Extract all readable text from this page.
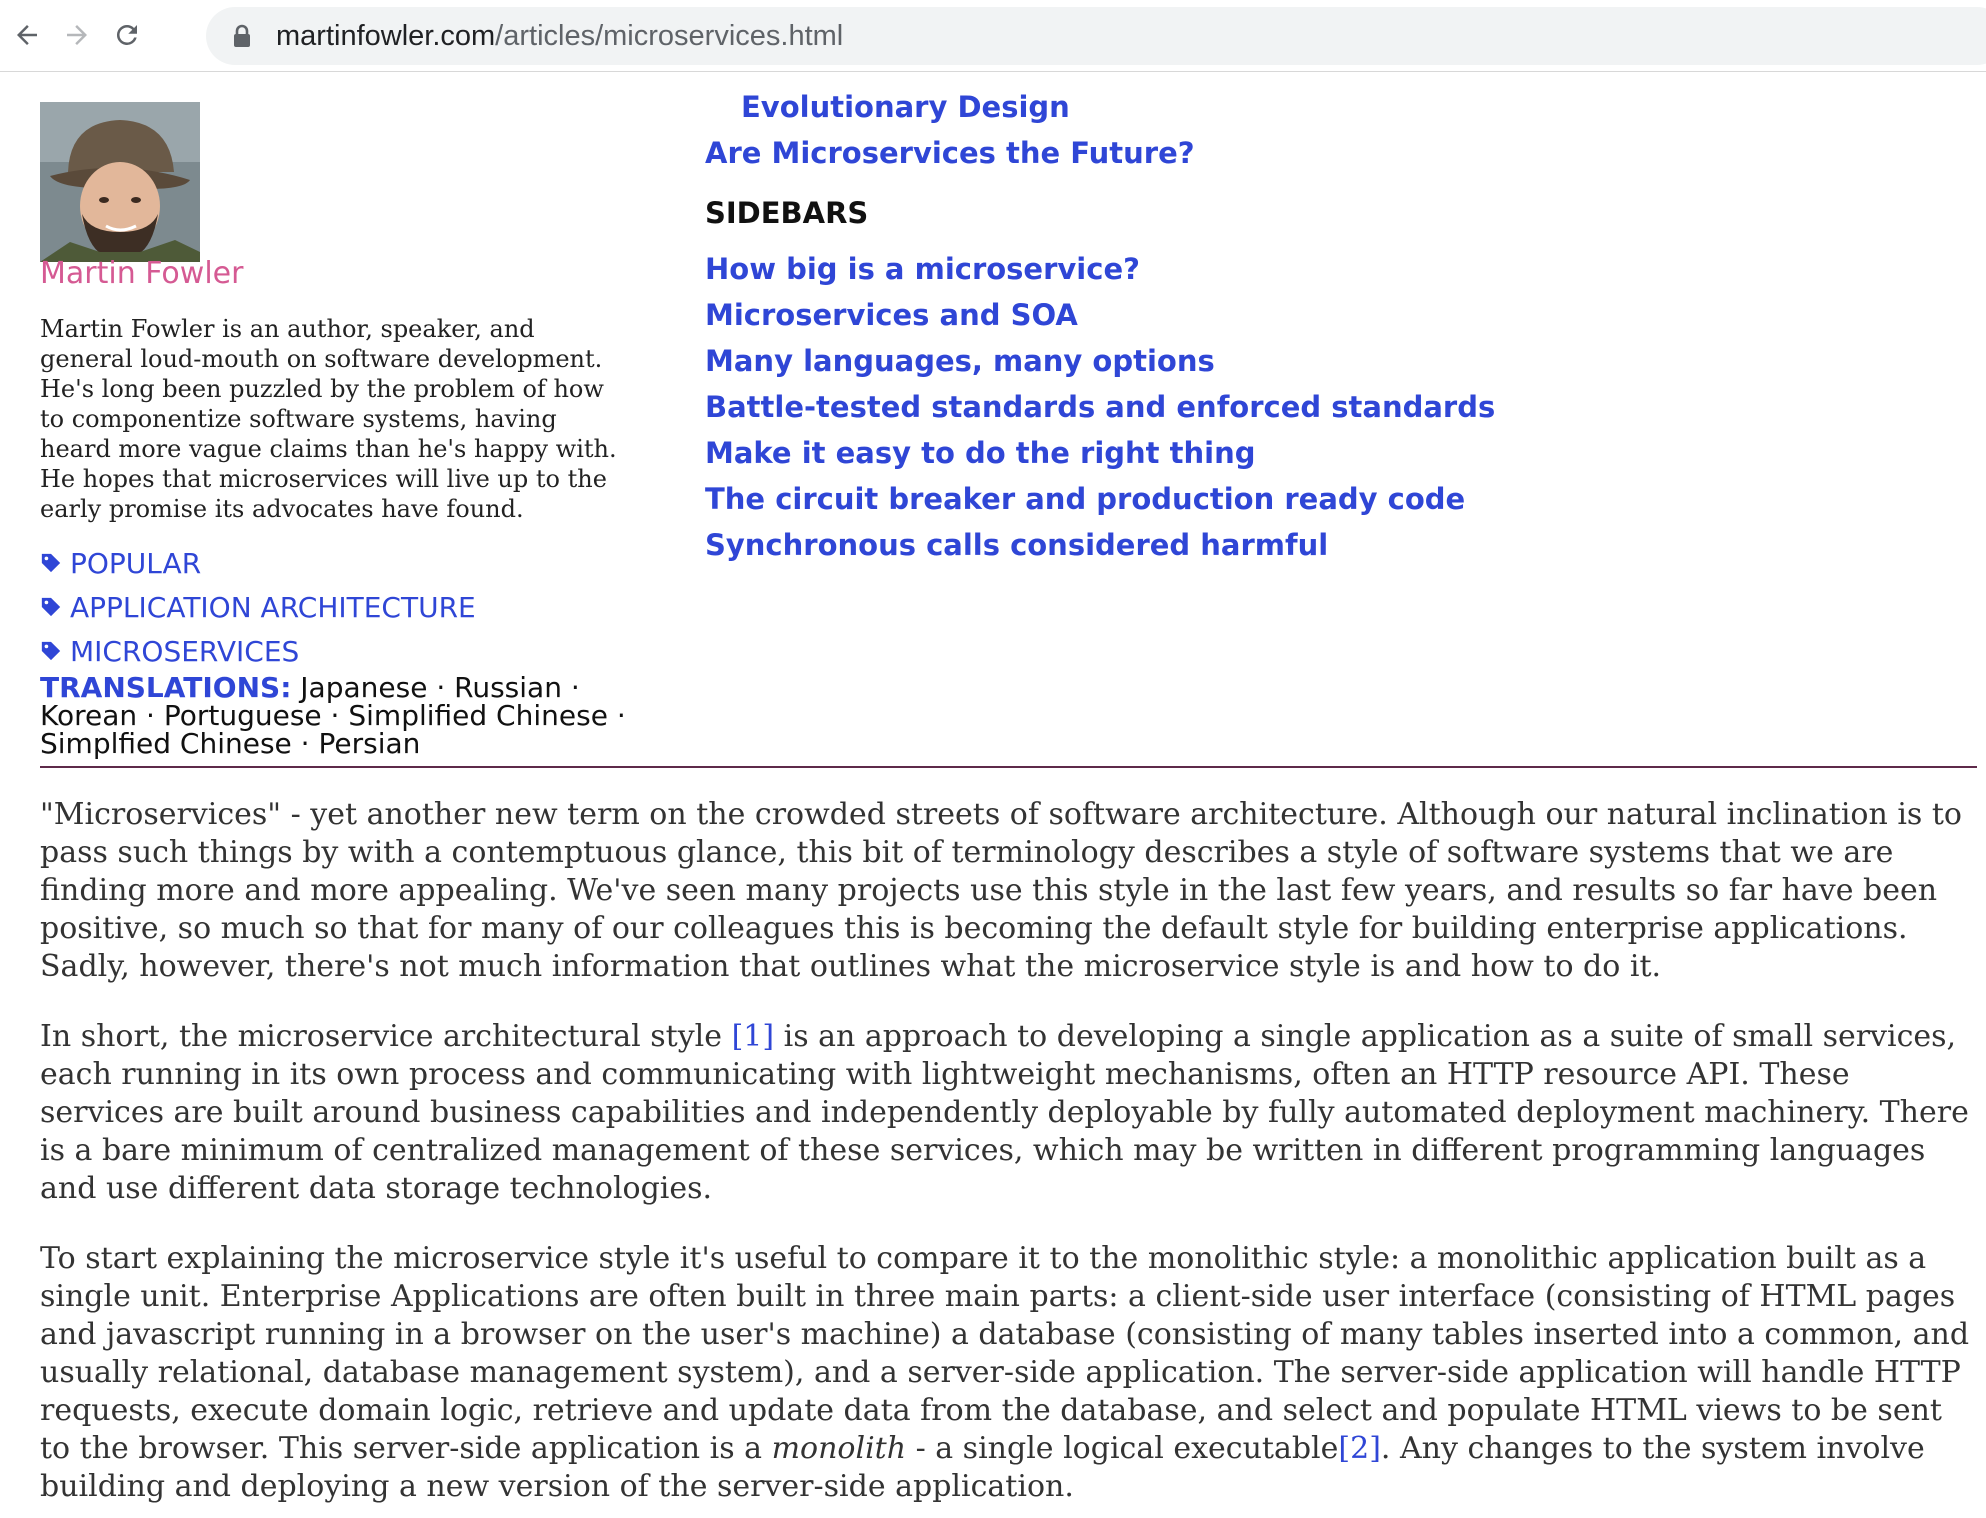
martinfowler.com/articles/microservices.html
Martin Fowler
Martin Fowler is an author, speaker, and general loud-mouth on software development. He's long been puzzled by the problem of how to componentize software systems, having heard more vague claims than he's happy with. He hopes that microservices will live up to the early promise its advocates have found.
POPULAR
APPLICATION ARCHITECTURE
MICROSERVICES
TRANSLATIONS: Japanese · Russian ·
Korean · Portuguese · Simplified Chinese ·
Simplfied Chinese · Persian
Evolutionary Design
Are Microservices the Future?
SIDEBARS
How big is a microservice?
Microservices and SOA
Many languages, many options
Battle-tested standards and enforced standards
Make it easy to do the right thing
The circuit breaker and production ready code
Synchronous calls considered harmful

"Microservices" - yet another new term on the crowded streets of software architecture. Although our natural inclination is to pass such things by with a contemptuous glance, this bit of terminology describes a style of software systems that we are finding more and more appealing. We've seen many projects use this style in the last few years, and results so far have been positive, so much so that for many of our colleagues this is becoming the default style for building enterprise applications. Sadly, however, there's not much information that outlines what the microservice style is and how to do it.

In short, the microservice architectural style [1] is an approach to developing a single application as a suite of small services, each running in its own process and communicating with lightweight mechanisms, often an HTTP resource API. These services are built around business capabilities and independently deployable by fully automated deployment machinery. There is a bare minimum of centralized management of these services, which may be written in different programming languages and use different data storage technologies.

To start explaining the microservice style it's useful to compare it to the monolithic style: a monolithic application built as a single unit. Enterprise Applications are often built in three main parts: a client-side user interface (consisting of HTML pages and javascript running in a browser on the user's machine) a database (consisting of many tables inserted into a common, and usually relational, database management system), and a server-side application. The server-side application will handle HTTP requests, execute domain logic, retrieve and update data from the database, and select and populate HTML views to be sent to the browser. This server-side application is a monolith - a single logical executable[2]. Any changes to the system involve building and deploying a new version of the server-side application.
